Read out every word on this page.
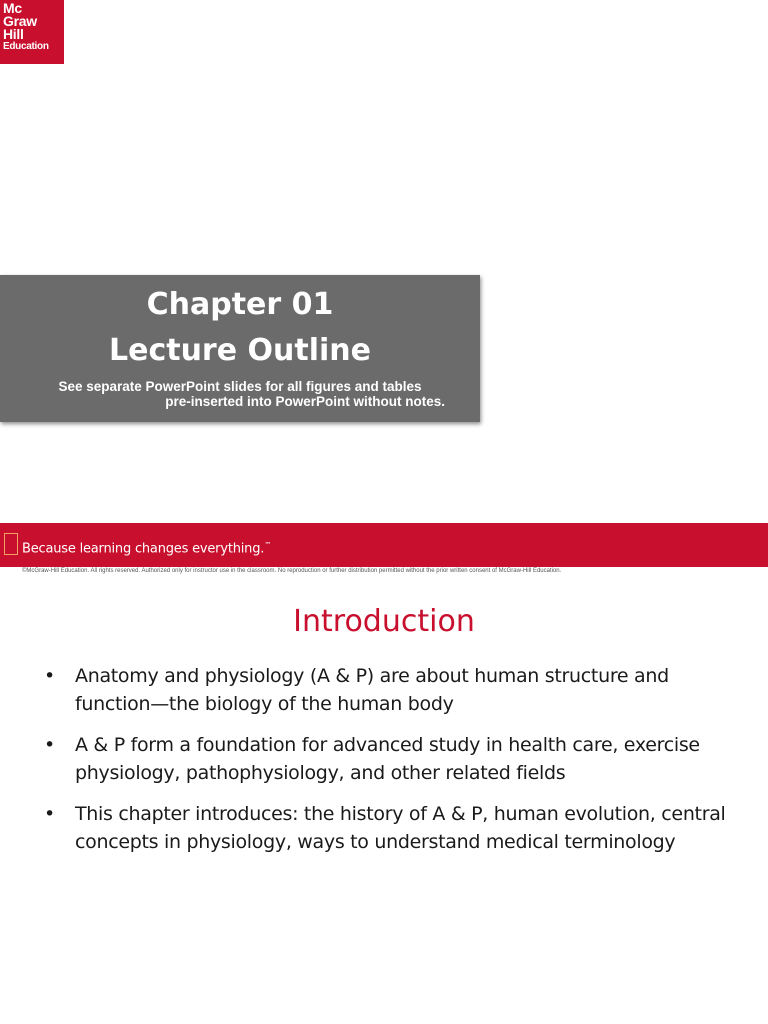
Mc
Graw
Hill
Education
Chapter 01
Lecture Outline
See separate PowerPoint slides for all figures and tables
pre-inserted into PowerPoint without notes.
Because learning changes everything.™
©McGraw-Hill Education. All rights reserved. Authorized only for instructor use in the classroom. No reproduction or further distribution permitted without the prior written consent of McGraw-Hill Education.
Introduction
• Anatomy and physiology (A & P) are about human structure and function—the biology of the human body
• A & P form a foundation for advanced study in health care, exercise physiology, pathophysiology, and other related fields
• This chapter introduces: the history of A & P, human evolution, central concepts in physiology, ways to understand medical terminology
